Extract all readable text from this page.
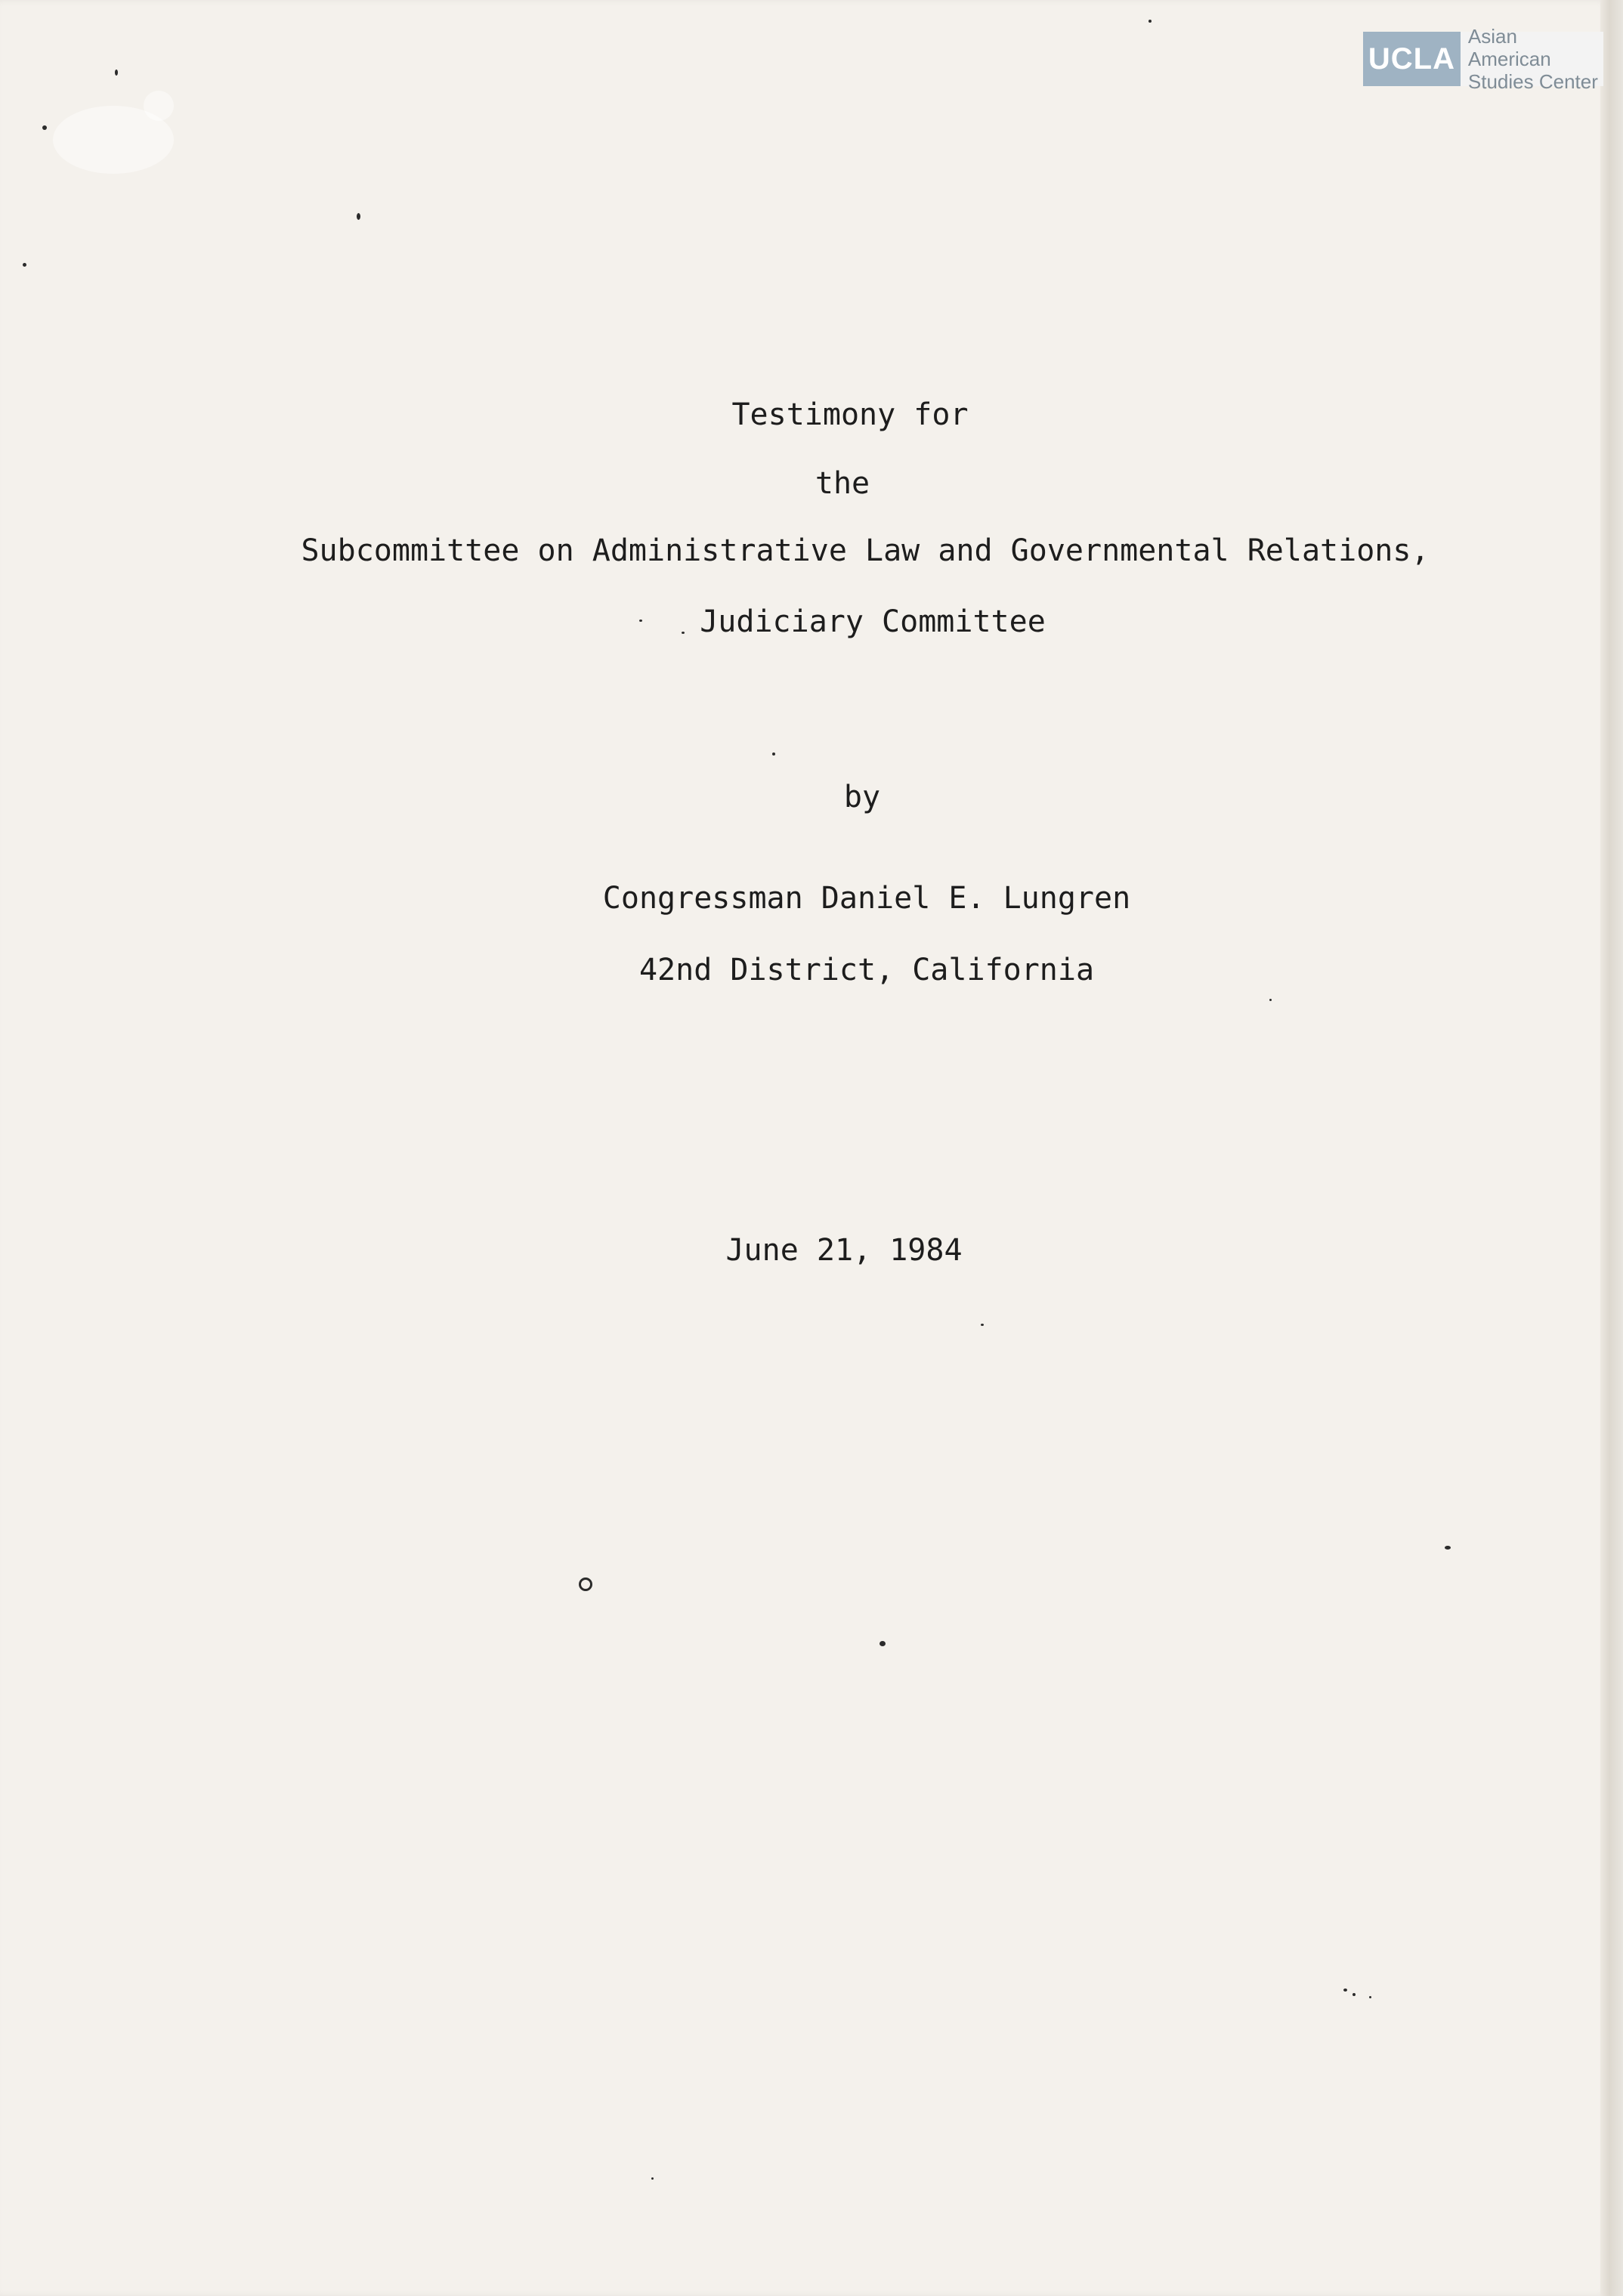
Testimony for
the
Subcommittee on Administrative Law and Governmental Relations,
Judiciary Committee
by
Congressman Daniel E. Lungren
42nd District, California
June 21, 1984
UCLA
Asian American
Studies Center
